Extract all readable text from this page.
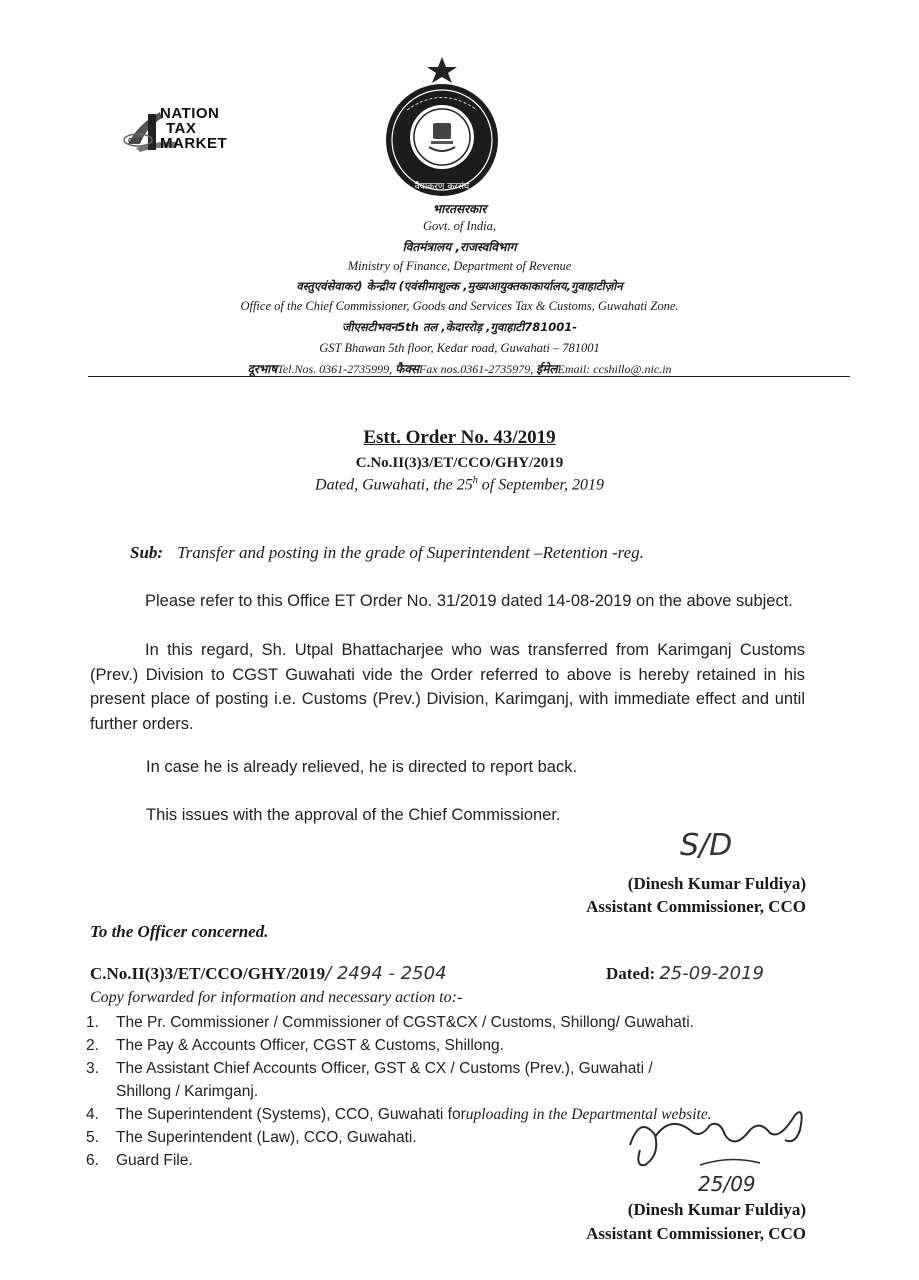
GST
NATION
TAX
MARKET
वैयाकरण करसंघ
भारतसरकार
Govt. of India,
वितमंत्रालय ,राजस्वविभाग
Ministry of Finance, Department of Revenue
वस्तुएवंसेवाकर) केन्द्रीय (एवंसीमाशुल्क ,मुख्यआयुक्तकाकार्यालय,गुवाहाटीज़ोन
Office of the Chief Commissioner, Goods and Services Tax & Customs, Guwahati Zone.
जीएसटीभवन5th तल ,केदाररोड़ ,गुवाहाटी781001-
GST Bhawan 5th floor, Kedar road, Guwahati – 781001
दूरभाषTel.Nos. 0361-2735999, फैक्सFax nos.0361-2735979, ईमेलEmail: ccshillo@.nic.in
Estt. Order No. 43/2019
C.No.II(3)3/ET/CCO/GHY/2019
Dated, Guwahati, the 25$^h$ of September, 2019
Sub: Transfer and posting in the grade of Superintendent –Retention -reg.
Please refer to this Office ET Order No. 31/2019 dated 14-08-2019 on the above subject.
In this regard, Sh. Utpal Bhattacharjee who was transferred from Karimganj Customs (Prev.) Division to CGST Guwahati vide the Order referred to above is hereby retained in his present place of posting i.e. Customs (Prev.) Division, Karimganj, with immediate effect and until further orders.
In case he is already relieved, he is directed to report back.
This issues with the approval of the Chief Commissioner.
S/D
(Dinesh Kumar Fuldiya)
Assistant Commissioner, CCO
To the Officer concerned.
C.No.II(3)3/ET/CCO/GHY/2019/ 2494 - 2504	Dated: 25-09-2019
Copy forwarded for information and necessary action to:-
1.	The Pr. Commissioner / Commissioner of CGST&CX / Customs, Shillong/ Guwahati.
2.	The Pay & Accounts Officer, CGST & Customs, Shillong.
3.	The Assistant Chief Accounts Officer, GST & CX / Customs (Prev.), Guwahati /
Shillong / Karimganj.
4.	The Superintendent (Systems), CCO, Guwahati for uploading in the Departmental website.
5.	The Superintendent (Law), CCO, Guwahati.
6.	Guard File.
25/09
(Dinesh Kumar Fuldiya)
Assistant Commissioner, CCO
